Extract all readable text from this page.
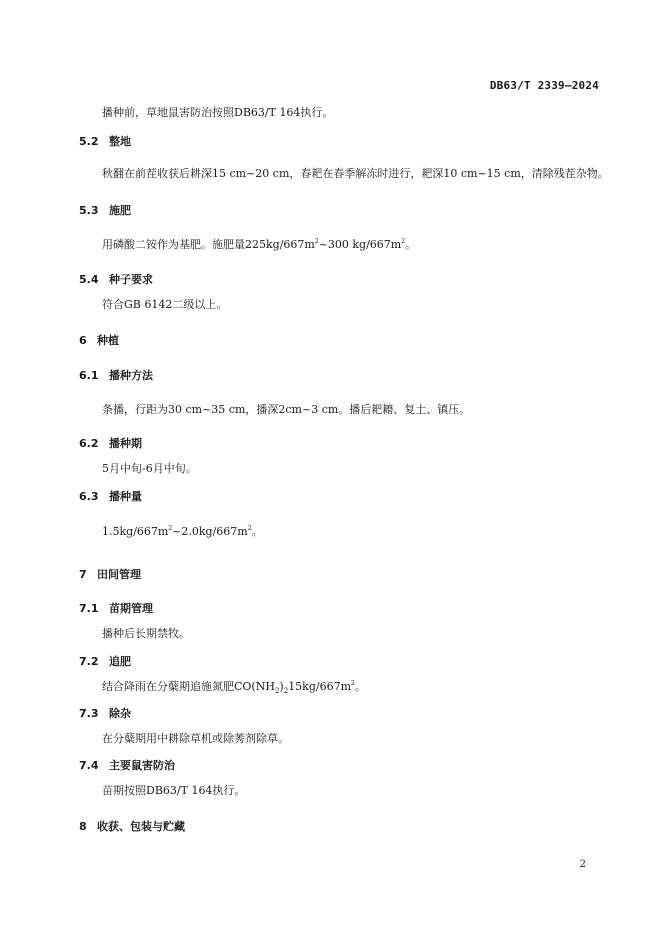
DB63/T 2339—2024
播种前，草地鼠害防治按照DB63/T 164执行。
5.2 整地
秋翻在前茬收获后耕深15 cm~20 cm，春耙在春季解冻时进行，耙深10 cm~15 cm，清除残茬杂物。
5.3 施肥
用磷酸二铵作为基肥。施肥量$225kg/667m^2\sim 300$ $kg/667m^2$。
5.4 种子要求
符合GB 6142二级以上。
6 种植
6.1 播种方法
条播，行距为30 cm~35 cm，播深2cm~3 cm。播后耙耱、复土、镇压。
6.2 播种期
5月中旬-6月中旬。
6.3 播种量
$1.5kg/667m^2\sim 2.0kg/667m^2$。
7 田间管理
7.1 苗期管理
播种后长期禁牧。
7.2 追肥
结合降雨在分蘖期追施氮肥$CO(NH_2)_215kg/667m^2$。
7.3 除杂
在分蘖期用中耕除草机或除莠剂除草。
7.4 主要鼠害防治
苗期按照DB63/T 164执行。
8 收获、包装与贮藏
2
